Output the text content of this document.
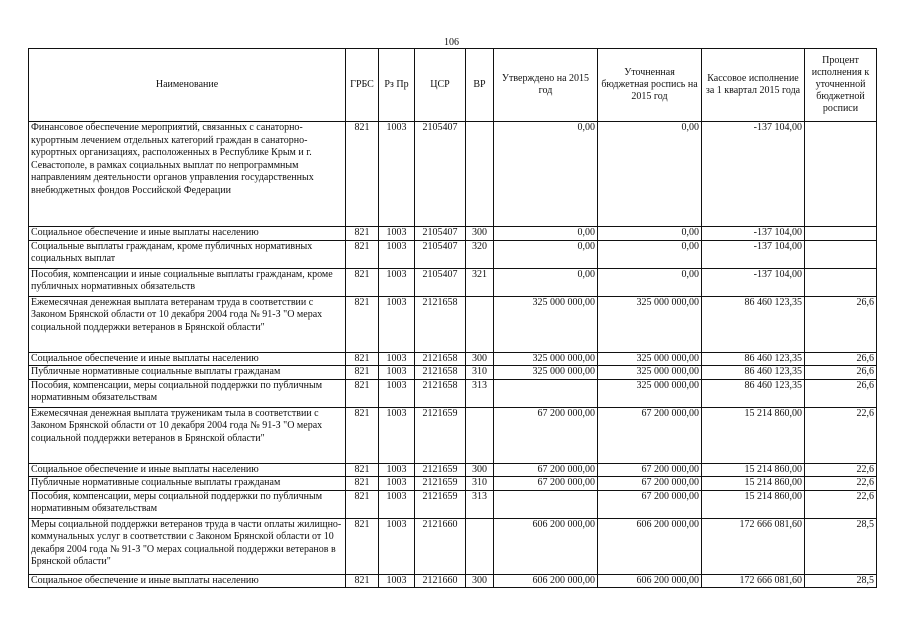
106
Наименование	ГРБС	Рз Пр	ЦСР	ВР	Утверждено на 2015 год	Уточненная бюджетная роспись на 2015 год	Кассовое исполнение за 1 квартал 2015 года	Процент исполнения к уточненной бюджетной росписи
Финансовое обеспечение мероприятий, связанных с санаторно-курортным лечением отдельных категорий граждан в санаторно-курортных организациях, расположенных в Республике Крым и г. Севастополе, в рамках социальных выплат по непрограммным направлениям деятельности органов управления государственных внебюджетных фондов Российской Федерации	821	1003	2105407		0,00	0,00	-137 104,00	
Социальное обеспечение и иные выплаты населению	821	1003	2105407	300	0,00	0,00	-137 104,00	
Социальные выплаты гражданам, кроме публичных нормативных социальных выплат	821	1003	2105407	320	0,00	0,00	-137 104,00	
Пособия, компенсации и иные социальные выплаты гражданам, кроме публичных нормативных обязательств	821	1003	2105407	321	0,00	0,00	-137 104,00	
Ежемесячная денежная выплата ветеранам труда в соответствии с Законом Брянской области от 10 декабря 2004 года № 91-З "О мерах социальной поддержки ветеранов в Брянской области"	821	1003	2121658		325 000 000,00	325 000 000,00	86 460 123,35	26,6
Социальное обеспечение и иные выплаты населению	821	1003	2121658	300	325 000 000,00	325 000 000,00	86 460 123,35	26,6
Публичные нормативные социальные выплаты гражданам	821	1003	2121658	310	325 000 000,00	325 000 000,00	86 460 123,35	26,6
Пособия, компенсации, меры социальной поддержки по публичным нормативным обязательствам	821	1003	2121658	313		325 000 000,00	86 460 123,35	26,6
Ежемесячная денежная выплата труженикам тыла в соответствии с Законом Брянской области от 10 декабря 2004 года № 91-З "О мерах социальной поддержки ветеранов в Брянской области"	821	1003	2121659		67 200 000,00	67 200 000,00	15 214 860,00	22,6
Социальное обеспечение и иные выплаты населению	821	1003	2121659	300	67 200 000,00	67 200 000,00	15 214 860,00	22,6
Публичные нормативные социальные выплаты гражданам	821	1003	2121659	310	67 200 000,00	67 200 000,00	15 214 860,00	22,6
Пособия, компенсации, меры социальной поддержки по публичным нормативным обязательствам	821	1003	2121659	313		67 200 000,00	15 214 860,00	22,6
Меры социальной поддержки ветеранов труда в части оплаты жилищно-коммунальных услуг в соответствии с Законом Брянской области от 10 декабря 2004 года № 91-З "О мерах социальной поддержки ветеранов в Брянской области"	821	1003	2121660		606 200 000,00	606 200 000,00	172 666 081,60	28,5
Социальное обеспечение и иные выплаты населению	821	1003	2121660	300	606 200 000,00	606 200 000,00	172 666 081,60	28,5
